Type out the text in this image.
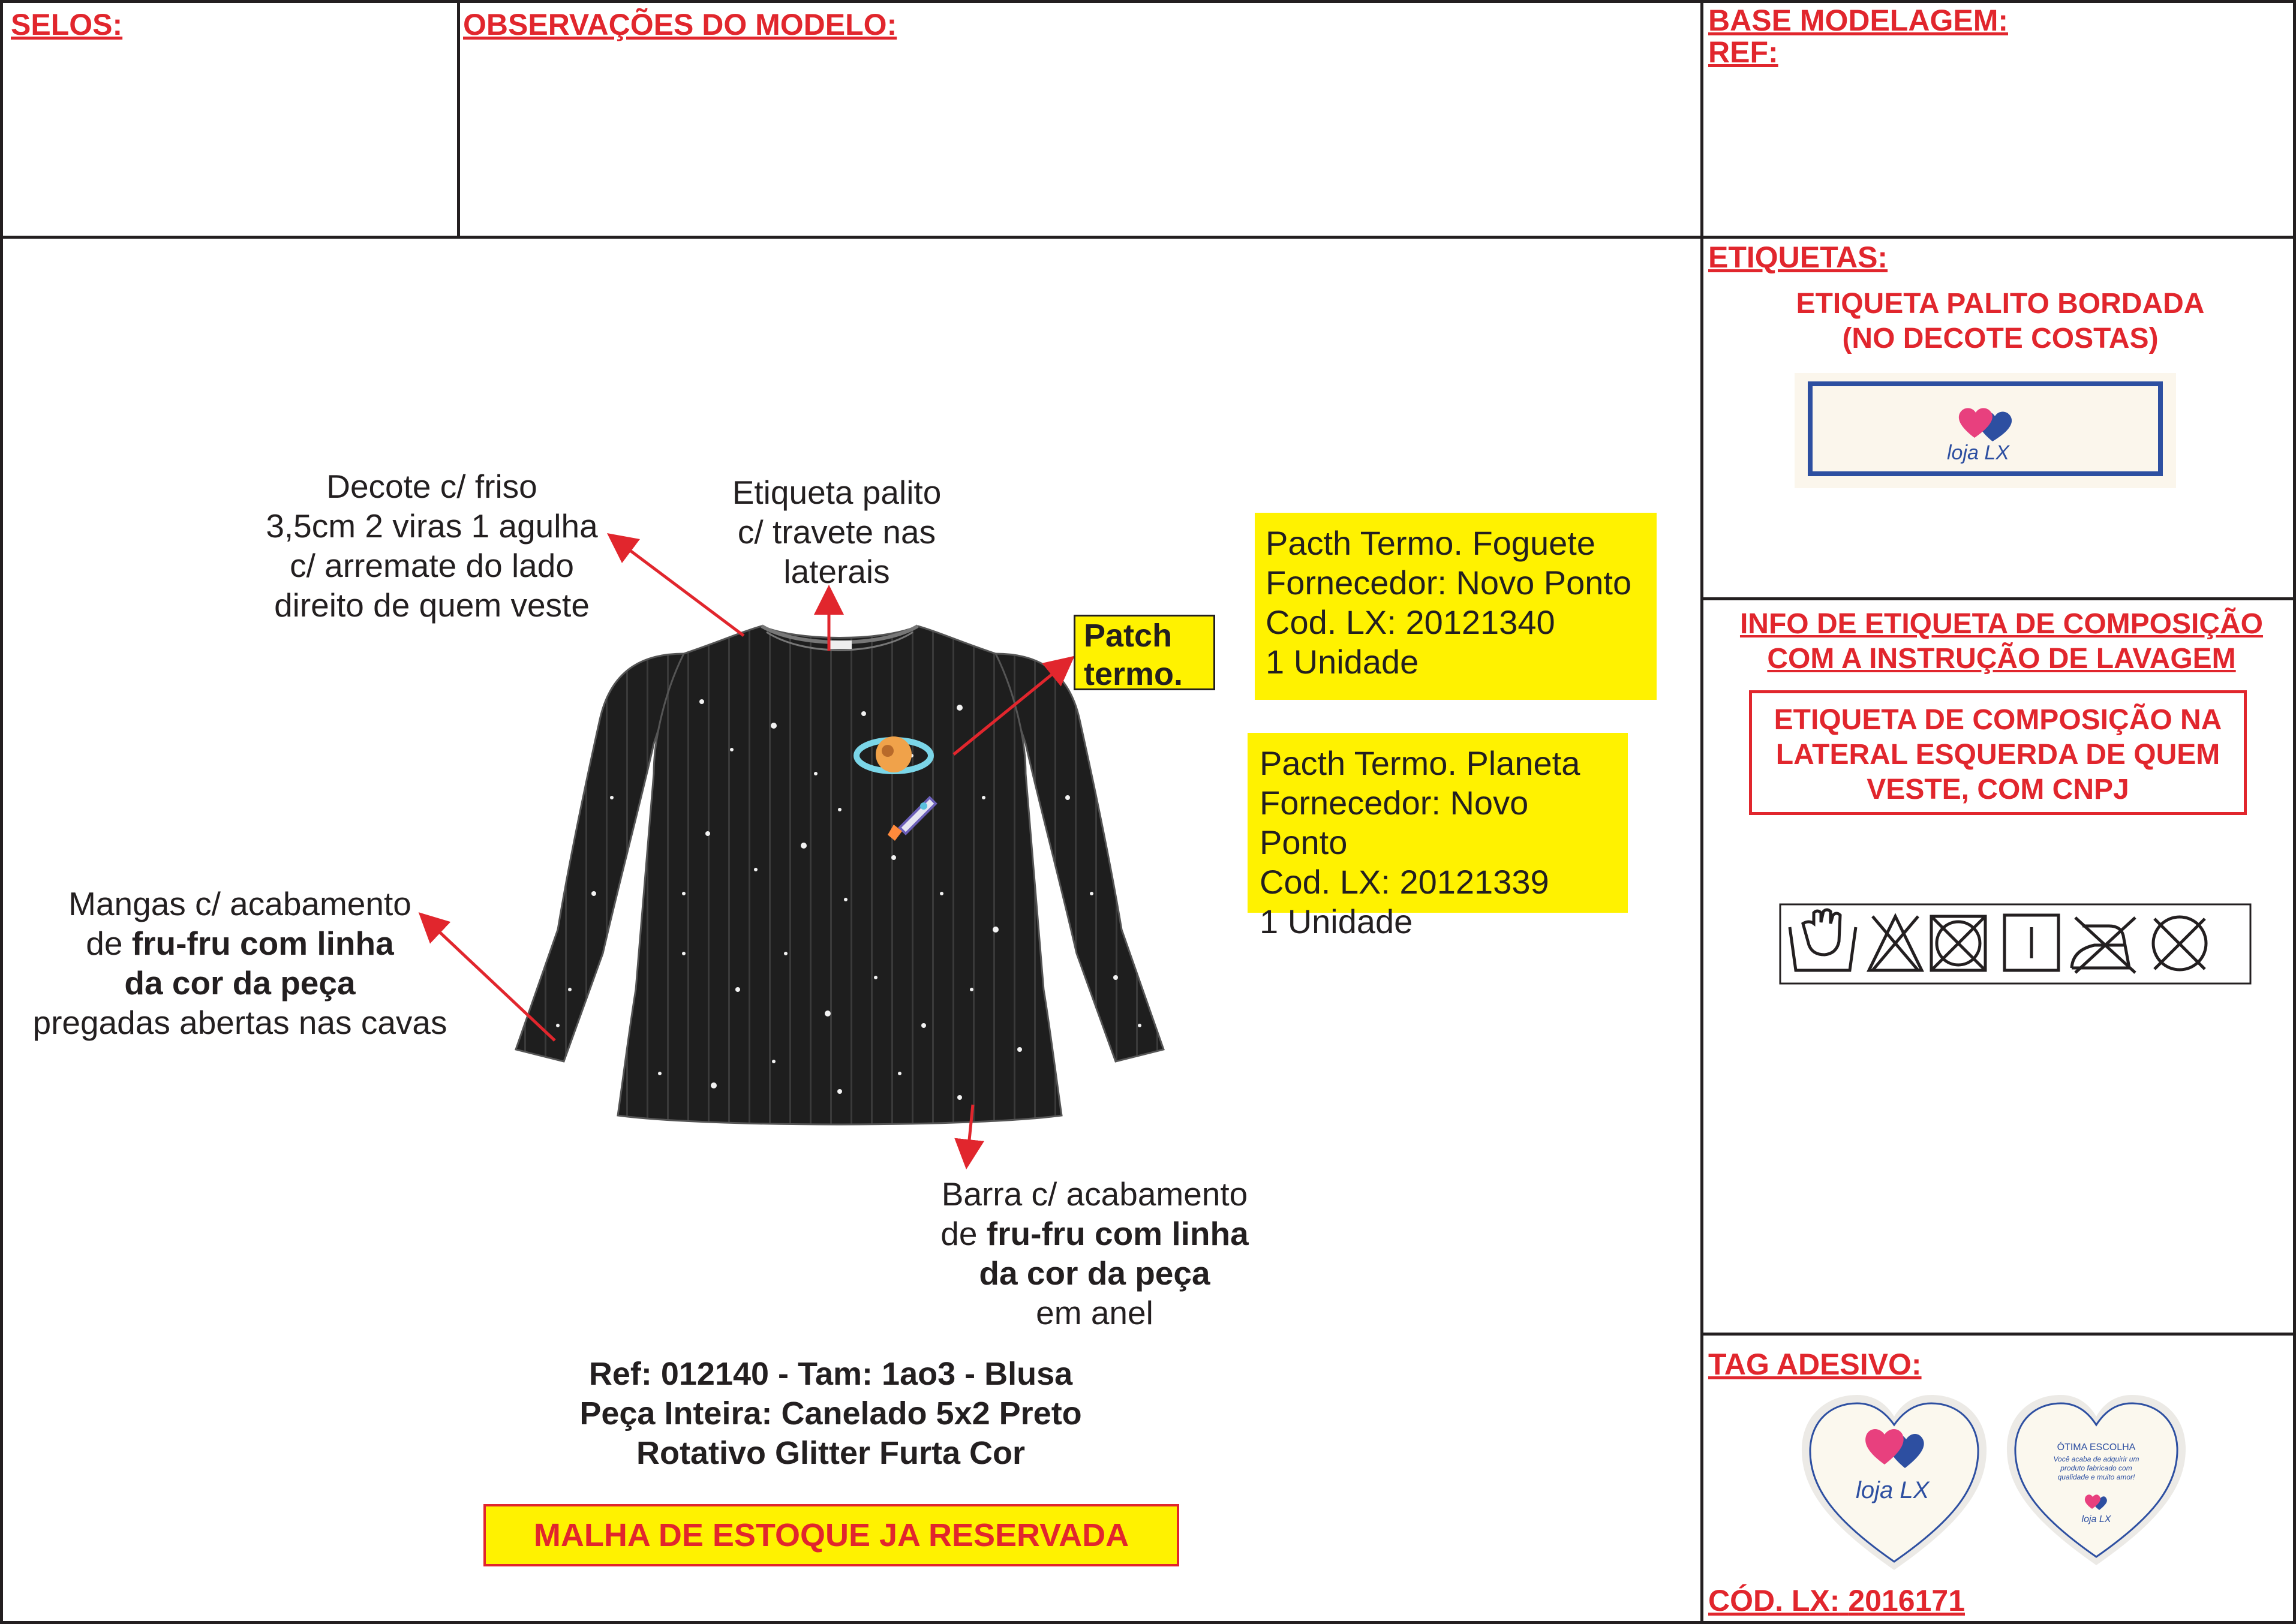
SELOS:	OBSERVAÇÕES DO MODELO:	BASE MODELAGEM:
REF:
ETIQUETAS:
ETIQUETA PALITO BORDADA
(NO DECOTE COSTAS)
loja LX
INFO DE ETIQUETA DE COMPOSIÇÃO
COM A INSTRUÇÃO DE LAVAGEM
ETIQUETA DE COMPOSIÇÃO NA
LATERAL ESQUERDA DE QUEM
VESTE, COM CNPJ
TAG ADESIVO:
loja LX
ÓTIMA ESCOLHA
Você acaba de adquirir um produto fabricado com qualidade e muito amor!
loja LX
CÓD. LX: 2016171
Decote c/ friso
3,5cm 2 viras 1 agulha
c/ arremate do lado
direito de quem veste
Etiqueta palito
c/ travete nas
laterais
Patch
termo.
Pacth Termo. Foguete
Fornecedor: Novo Ponto
Cod. LX: 20121340
1 Unidade
Pacth Termo. Planeta
Fornecedor: Novo Ponto
Cod. LX: 20121339
1 Unidade
Mangas c/ acabamento
de fru-fru com linha
da cor da peça
pregadas abertas nas cavas
Barra c/ acabamento
de fru-fru com linha
da cor da peça
em anel
Ref: 012140 - Tam: 1ao3 - Blusa
Peça Inteira: Canelado 5x2 Preto
Rotativo Glitter Furta Cor
MALHA DE ESTOQUE JA RESERVADA
